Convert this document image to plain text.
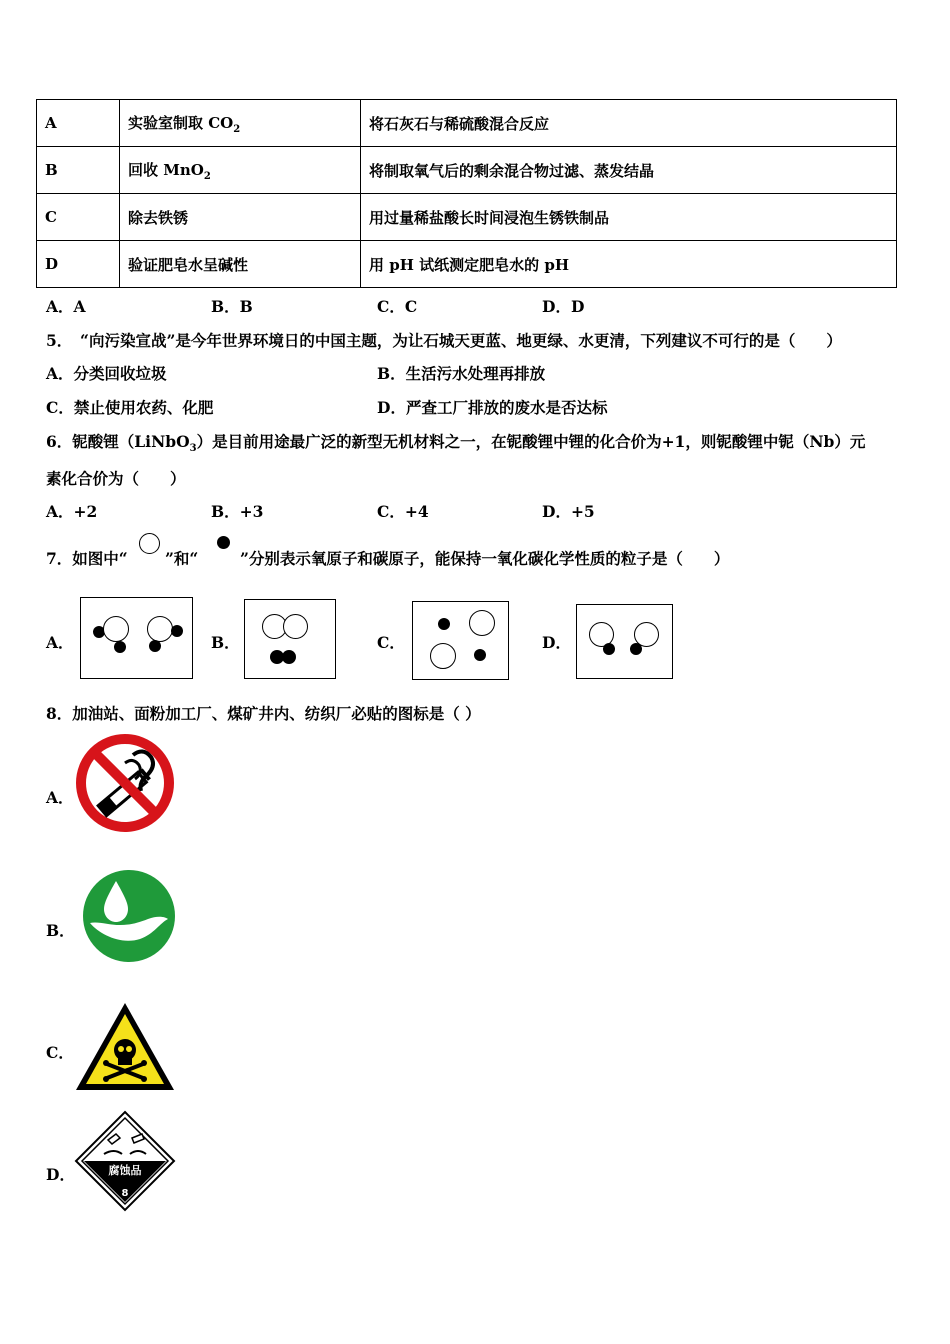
A	实验室制取 $CO_2$	将石灰石与稀硫酸混合反应
B	回收 MnO$_2$	将制取氧气后的剩余混合物过滤、蒸发结晶
C	除去铁锈	用过量稀盐酸长时间浸泡生锈铁制品
D	验证肥皂水呈碱性	用 pH 试纸测定肥皂水的 pH
A．A	B．B	C．C	D．D
5．　“向污染宣战”是今年世界环境日的中国主题，为让石城天更蓝、地更绿、水更清，下列建议不可行的是（　　）
A．分类回收垃圾	B．生活污水处理再排放
C．禁止使用农药、化肥	D．严查工厂排放的废水是否达标
6．铌酸锂（LiNbO$_3$）是目前用途最广泛的新型无机材料之一，在铌酸锂中锂的化合价为+1，则铌酸锂中铌（Nb）元
素化合价为（　　）
A．+2	B．+3	C．+4	D．+5
7．如图中“ ”和“	”分别表示氧原子和碳原子，能保持一氧化碳化学性质的粒子是（　　）
A．	B．	C．	D．
8．加油站、面粉加工厂、煤矿井内、纺织厂必贴的图标是（ ）
A．
B．
C．
D．	腐蚀品
8
